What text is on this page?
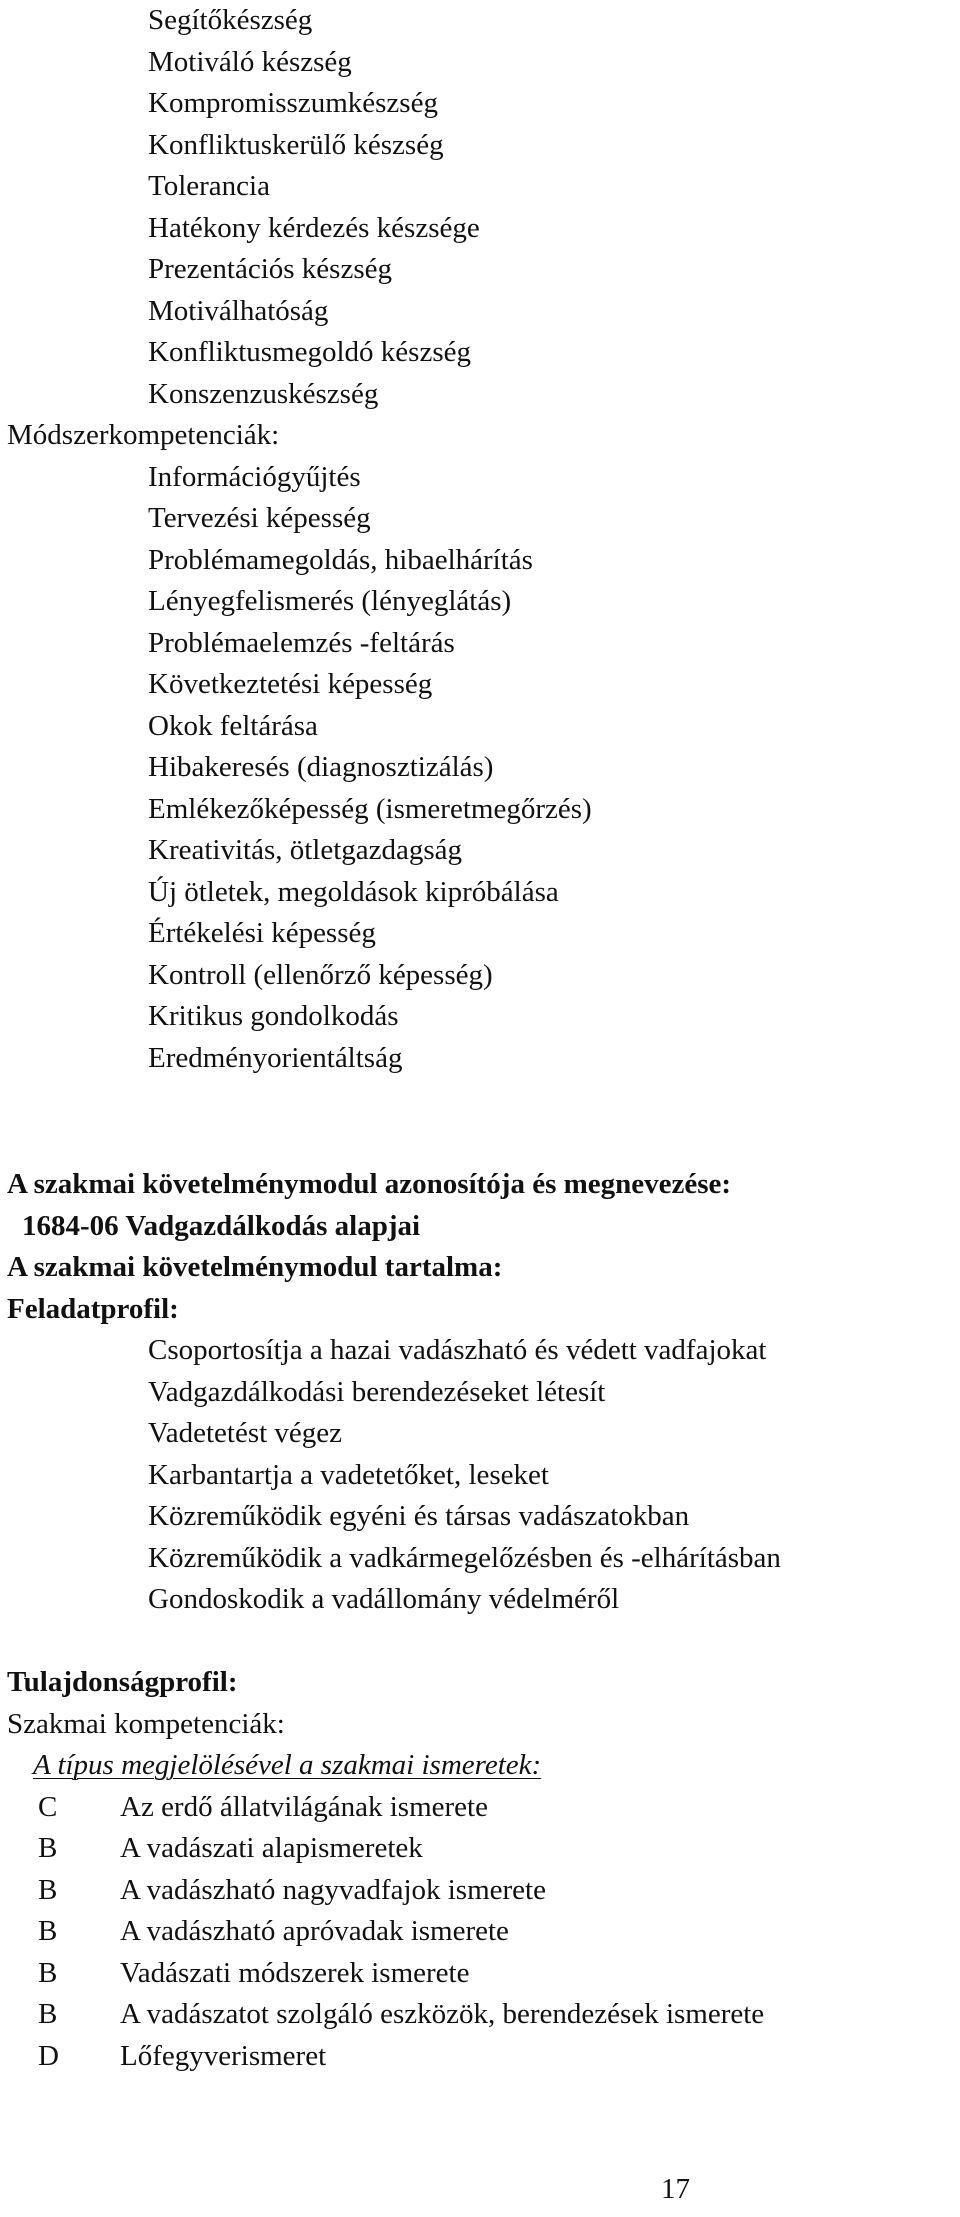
Segítőkészség
Motiváló készség
Kompromisszumkészség
Konfliktuskerülő készség
Tolerancia
Hatékony kérdezés készsége
Prezentációs készség
Motiválhatóság
Konfliktusmegoldó készség
Konszenzuskészség
Módszerkompetenciák:
Információgyűjtés
Tervezési képesség
Problémamegoldás, hibaelhárítás
Lényegfelismerés (lényeglátás)
Problémaelemzés -feltárás
Következtetési képesség
Okok feltárása
Hibakeresés (diagnosztizálás)
Emlékezőképesség (ismeretmegőrzés)
Kreativitás, ötletgazdagság
Új ötletek, megoldások kipróbálása
Értékelési képesség
Kontroll (ellenőrző képesség)
Kritikus gondolkodás
Eredményorientáltság
A szakmai követelménymodul azonosítója és megnevezése:
1684-06 Vadgazdálkodás alapjai
A szakmai követelménymodul tartalma:
Feladatprofil:
Csoportosítja a hazai vadászható és védett vadfajokat
Vadgazdálkodási berendezéseket létesít
Vadetetést végez
Karbantartja a vadetetőket, leseket
Közreműködik egyéni és társas vadászatokban
Közreműködik a vadkármegelőzésben és -elhárításban
Gondoskodik a vadállomány védelméről
Tulajdonságprofil:
Szakmai kompetenciák:
A típus megjelölésével a szakmai ismeretek:
C	Az erdő állatvilágának ismerete
B	A vadászati alapismeretek
B	A vadászható nagyvadfajok ismerete
B	A vadászható apróvadak ismerete
B	Vadászati módszerek ismerete
B	A vadászatot szolgáló eszközök, berendezések ismerete
D	Lőfegyverismeret
17
